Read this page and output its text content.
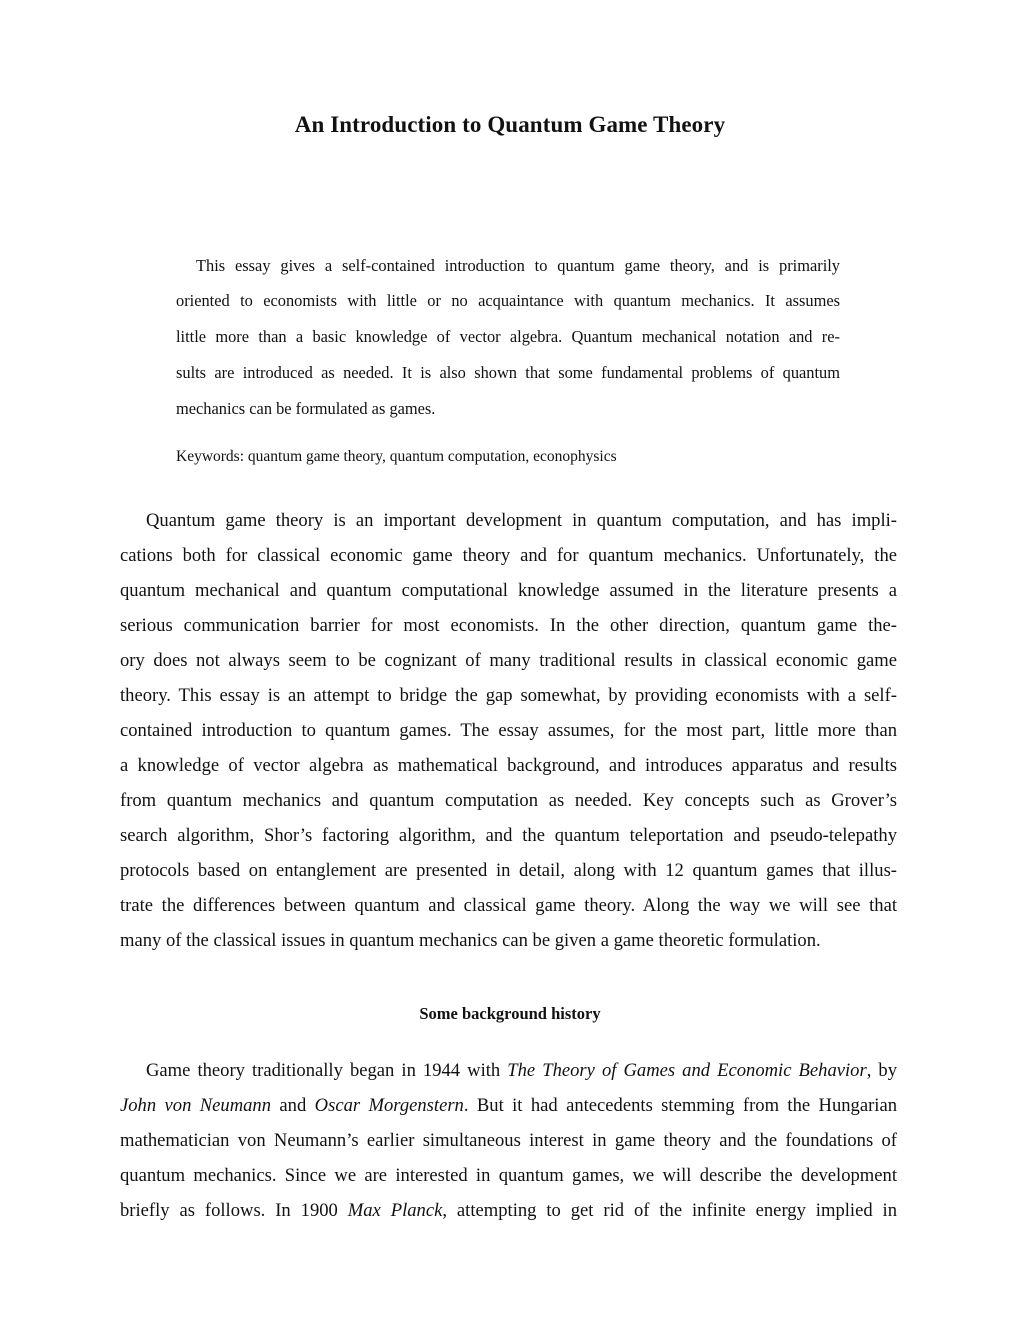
An Introduction to Quantum Game Theory
This essay gives a self-contained introduction to quantum game theory, and is primarily
oriented to economists with little or no acquaintance with quantum mechanics. It assumes
little more than a basic knowledge of vector algebra. Quantum mechanical notation and re-
sults are introduced as needed. It is also shown that some fundamental problems of quantum
mechanics can be formulated as games.
Keywords: quantum game theory, quantum computation, econophysics
Quantum game theory is an important development in quantum computation, and has impli-
cations both for classical economic game theory and for quantum mechanics. Unfortunately, the
quantum mechanical and quantum computational knowledge assumed in the literature presents a
serious communication barrier for most economists. In the other direction, quantum game the-
ory does not always seem to be cognizant of many traditional results in classical economic game
theory. This essay is an attempt to bridge the gap somewhat, by providing economists with a self-
contained introduction to quantum games. The essay assumes, for the most part, little more than
a knowledge of vector algebra as mathematical background, and introduces apparatus and results
from quantum mechanics and quantum computation as needed. Key concepts such as Grover’s
search algorithm, Shor’s factoring algorithm, and the quantum teleportation and pseudo-telepathy
protocols based on entanglement are presented in detail, along with 12 quantum games that illus-
trate the differences between quantum and classical game theory. Along the way we will see that
many of the classical issues in quantum mechanics can be given a game theoretic formulation.
Some background history
Game theory traditionally began in 1944 with The Theory of Games and Economic Behavior, by
John von Neumann and Oscar Morgenstern. But it had antecedents stemming from the Hungarian
mathematician von Neumann’s earlier simultaneous interest in game theory and the foundations of
quantum mechanics. Since we are interested in quantum games, we will describe the development
briefly as follows. In 1900 Max Planck, attempting to get rid of the infinite energy implied in
